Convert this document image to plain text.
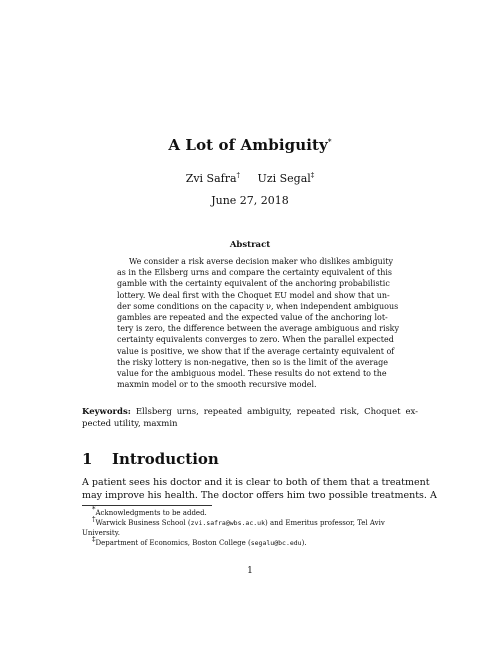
A Lot of Ambiguity*
Zvi Safra† Uzi Segal‡
June 27, 2018
Abstract
We consider a risk averse decision maker who dislikes ambiguity
as in the Ellsberg urns and compare the certainty equivalent of this
gamble with the certainty equivalent of the anchoring probabilistic
lottery. We deal first with the Choquet EU model and show that un-
der some conditions on the capacity ν, when independent ambiguous
gambles are repeated and the expected value of the anchoring lot-
tery is zero, the difference between the average ambiguous and risky
certainty equivalents converges to zero. When the parallel expected
value is positive, we show that if the average certainty equivalent of
the risky lottery is non-negative, then so is the limit of the average
value for the ambiguous model. These results do not extend to the
maxmin model or to the smooth recursive model.
Keywords: Ellsberg urns, repeated ambiguity, repeated risk, Choquet ex-
pected utility, maxmin
1 Introduction
A patient sees his doctor and it is clear to both of them that a treatment
may improve his health. The doctor offers him two possible treatments. A
*Acknowledgments to be added.
†Warwick Business School (zvi.safra@wbs.ac.uk) and Emeritus professor, Tel Aviv
University.
‡Department of Economics, Boston College (segalu@bc.edu).
1
